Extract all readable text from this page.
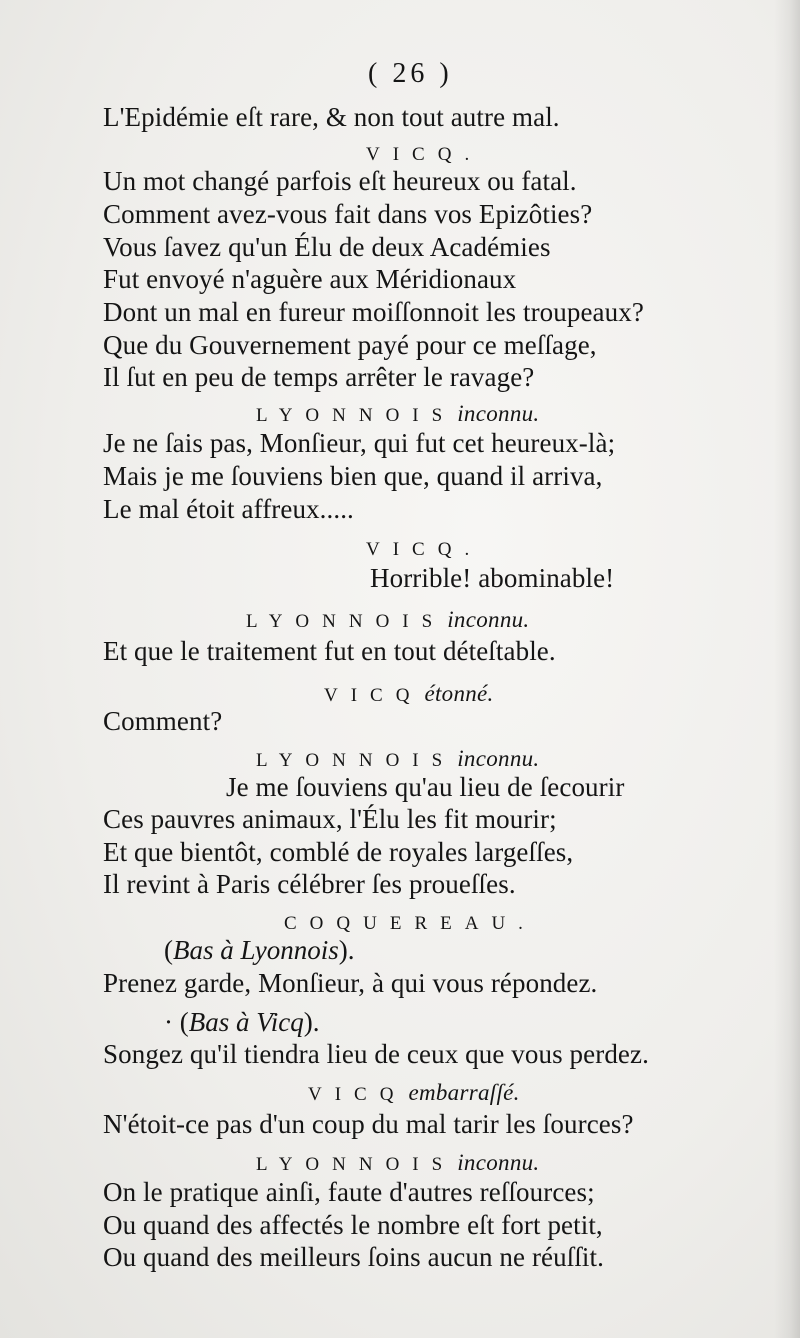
( 26 )
L'Epidémie eſt rare, & non tout autre mal.
VICQ.
Un mot changé parfois eſt heureux ou fatal.
Comment avez-vous fait dans vos Epizôties?
Vous ſavez qu'un Élu de deux Académies
Fut envoyé n'aguère aux Méridionaux
Dont un mal en fureur moiſſonnoit les troupeaux?
Que du Gouvernement payé pour ce meſſage,
Il ſut en peu de temps arrêter le ravage?
LYONNOISinconnu.
Je ne ſais pas, Monſieur, qui fut cet heureux-là;
Mais je me ſouviens bien que, quand il arriva,
Le mal étoit affreux.....
VICQ.
Horrible! abominable!
LYONNOISinconnu.
Et que le traitement fut en tout déteſtable.
VICQétonné.
Comment?
LYONNOISinconnu.
Je me ſouviens qu'au lieu de ſecourir
Ces pauvres animaux, l'Élu les fit mourir;
Et que bientôt, comblé de royales largeſſes,
Il revint à Paris célébrer ſes proueſſes.
COQUEREAU.
(Bas à Lyonnois).
Prenez garde, Monſieur, à qui vous répondez.
· (Bas à Vicq).
Songez qu'il tiendra lieu de ceux que vous perdez.
VICQembarraſſé.
N'étoit-ce pas d'un coup du mal tarir les ſources?
LYONNOISinconnu.
On le pratique ainſi, faute d'autres reſſources;
Ou quand des affectés le nombre eſt fort petit,
Ou quand des meilleurs ſoins aucun ne réuſſit.
